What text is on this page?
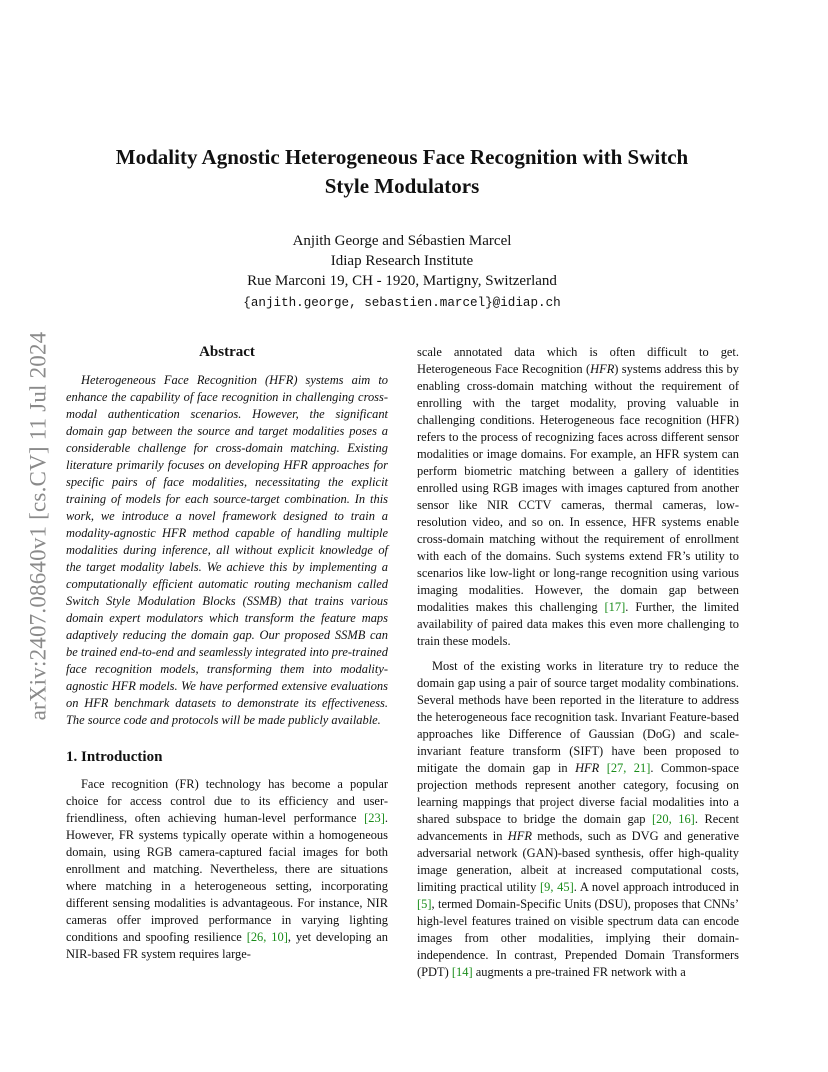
arXiv:2407.08640v1 [cs.CV] 11 Jul 2024
Modality Agnostic Heterogeneous Face Recognition with Switch
Style Modulators
Anjith George and Sébastien Marcel
Idiap Research Institute
Rue Marconi 19, CH - 1920, Martigny, Switzerland
{anjith.george, sebastien.marcel}@idiap.ch
Abstract

Heterogeneous Face Recognition (HFR) systems aim to enhance the capability of face recognition in challenging cross-modal authentication scenarios. However, the significant domain gap between the source and target modalities poses a considerable challenge for cross-domain matching. Existing literature primarily focuses on developing HFR approaches for specific pairs of face modalities, necessitating the explicit training of models for each source-target combination. In this work, we introduce a novel framework designed to train a modality-agnostic HFR method capable of handling multiple modalities during inference, all without explicit knowledge of the target modality labels. We achieve this by implementing a computationally efficient automatic routing mechanism called Switch Style Modulation Blocks (SSMB) that trains various domain expert modulators which transform the feature maps adaptively reducing the domain gap. Our proposed SSMB can be trained end-to-end and seamlessly integrated into pre-trained face recognition models, transforming them into modality-agnostic HFR models. We have performed extensive evaluations on HFR benchmark datasets to demonstrate its effectiveness. The source code and protocols will be made publicly available.

1. Introduction

Face recognition (FR) technology has become a popular choice for access control due to its efficiency and user-friendliness, often achieving human-level performance [23]. However, FR systems typically operate within a homogeneous domain, using RGB camera-captured facial images for both enrollment and matching. Nevertheless, there are situations where matching in a heterogeneous setting, incorporating different sensing modalities is advantageous. For instance, NIR cameras offer improved performance in varying lighting conditions and spoofing resilience [26, 10], yet developing an NIR-based FR system requires large-

scale annotated data which is often difficult to get. Heterogeneous Face Recognition (HFR) systems address this by enabling cross-domain matching without the requirement of enrolling with the target modality, proving valuable in challenging conditions. Heterogeneous face recognition (HFR) refers to the process of recognizing faces across different sensor modalities or image domains. For example, an HFR system can perform biometric matching between a gallery of identities enrolled using RGB images with images captured from another sensor like NIR CCTV cameras, thermal cameras, low-resolution video, and so on. In essence, HFR systems enable cross-domain matching without the requirement of enrollment with each of the domains. Such systems extend FR’s utility to scenarios like low-light or long-range recognition using various imaging modalities. However, the domain gap between modalities makes this challenging [17]. Further, the limited availability of paired data makes this even more challenging to train these models.

Most of the existing works in literature try to reduce the domain gap using a pair of source target modality combinations. Several methods have been reported in the literature to address the heterogeneous face recognition task. Invariant Feature-based approaches like Difference of Gaussian (DoG) and scale-invariant feature transform (SIFT) have been proposed to mitigate the domain gap in HFR [27, 21]. Common-space projection methods represent another category, focusing on learning mappings that project diverse facial modalities into a shared subspace to bridge the domain gap [20, 16]. Recent advancements in HFR methods, such as DVG and generative adversarial network (GAN)-based synthesis, offer high-quality image generation, albeit at increased computational costs, limiting practical utility [9, 45]. A novel approach introduced in [5], termed Domain-Specific Units (DSU), proposes that CNNs’ high-level features trained on visible spectrum data can encode images from other modalities, implying their domain-independence. In contrast, Prepended Domain Transformers (PDT) [14] augments a pre-trained FR network with a
